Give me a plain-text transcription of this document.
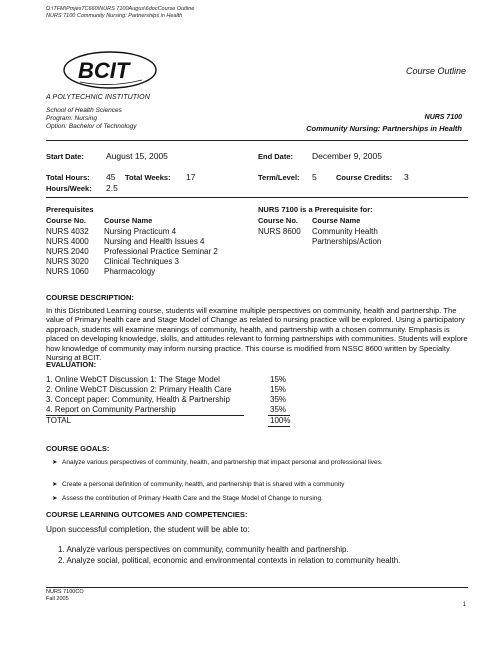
O:\TFM\Pmjes7C660\NURS 7100Augus\6docCourse Outline
NURS 7100 Community Nursing: Partnerships in Health
BCIT	Course Outline
A POLYTECHNIC INSTITUTION
School of Health Sciences
Program: Nursing
Option: Bachelor of Technology
NURS 7100
Community Nursing: Partnerships in Health
Start Date:	August 15, 2005	End Date: December 9, 2005
Total Hours: 45 Total Weeks: 17	Term/Level: 5	Course Credits: 3
Hours/Week: 2.5
Prerequisites
Course No. Course Name
NURS 4032 Nursing Practicum 4
NURS 4000 Nursing and Health Issues 4
NURS 2040 Professional Practice Seminar 2
NURS 3020 Clinical Techniques 3
NURS 1060 Pharmacology
NURS 7100 is a Prerequisite for:
Course No. Course Name
NURS 8600 Community Health
Partnerships/Action
COURSE DESCRIPTION:
In this Distributed Learning course, students will examine multiple perspectives on community, health and partnership. The value of Primary health care and Stage Model of Change as related to nursing practice will be explored. Using a participatory approach, students will examine meanings of community, health, and partnership with a chosen community. Emphasis is placed on developing knowledge, skills, and attitudes relevant to forming partnerships with communities. Students will explore how knowledge of community may inform nursing practice. This course is modified from NSSC 8600 written by Specialty Nursing at BCIT.
EVALUATION:
1. Online WebCT Discussion 1: The Stage Model	15%
2. Online WebCT Discussion 2: Primary Health Care	15%
3. Concept paper: Community, Health & Partnership	35%
4. Report on Community Partnership	35%
TOTAL	100%
COURSE GOALS:
➤ Analyze various perspectives of community, health, and partnership that impact personal and professional lives.
➤ Create a personal definition of community, health, and partnership that is shared with a community
➤ Assess the contribution of Primary Health Care and the Stage Model of Change to nursing.
COURSE LEARNING OUTCOMES AND COMPETENCIES:
Upon successful completion, the student will be able to:
1. Analyze various perspectives on community, community health and partnership.
2. Analyze social, political, economic and environmental contexts in relation to community health.
NURS 7100CO
Fall 2005
1
